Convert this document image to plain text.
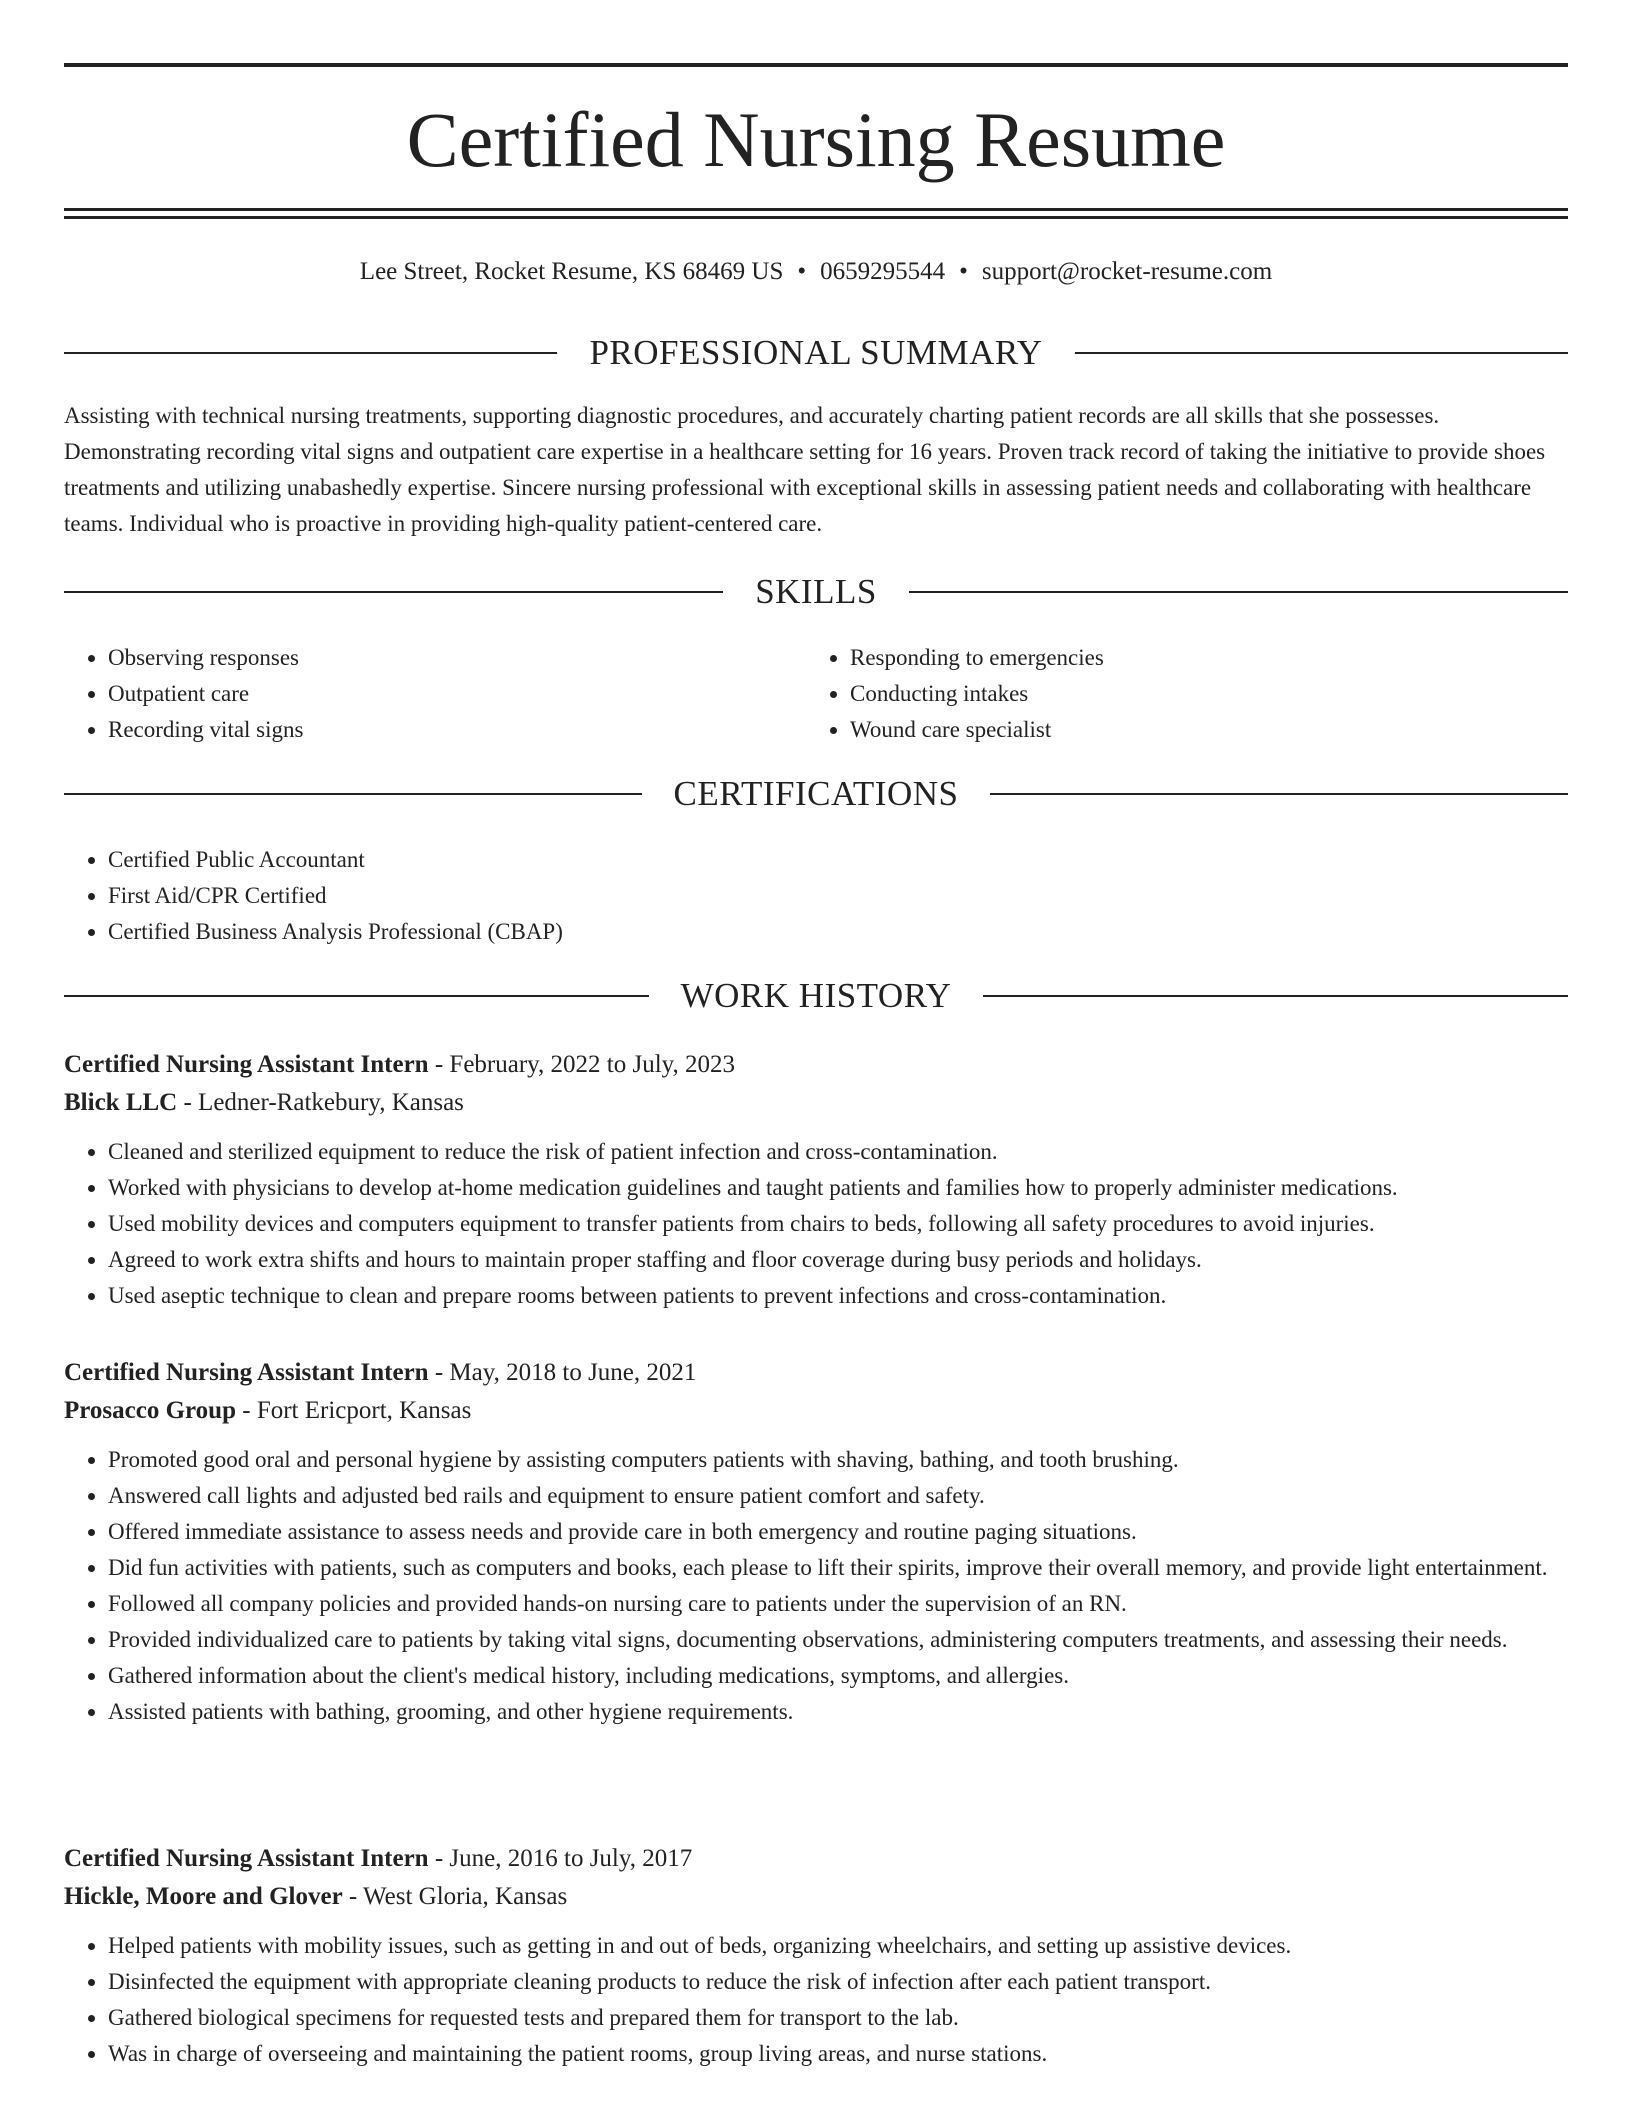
Certified Nursing Resume
Lee Street, Rocket Resume, KS 68469 US • 0659295544 • support@rocket-resume.com
PROFESSIONAL SUMMARY

Assisting with technical nursing treatments, supporting diagnostic procedures, and accurately charting patient records are all skills that she possesses. Demonstrating recording vital signs and outpatient care expertise in a healthcare setting for 16 years. Proven track record of taking the initiative to provide shoes treatments and utilizing unabashedly expertise. Sincere nursing professional with exceptional skills in assessing patient needs and collaborating with healthcare teams. Individual who is proactive in providing high-quality patient-centered care.

SKILLS
• Observing responses
• Outpatient care
• Recording vital signs
• Responding to emergencies
• Conducting intakes
• Wound care specialist
CERTIFICATIONS
• Certified Public Accountant
• First Aid/CPR Certified
• Certified Business Analysis Professional (CBAP)
WORK HISTORY

Certified Nursing Assistant Intern - February, 2022 to July, 2023

Blick LLC - Ledner-Ratkebury, Kansas

• Cleaned and sterilized equipment to reduce the risk of patient infection and cross-contamination.
• Worked with physicians to develop at-home medication guidelines and taught patients and families how to properly administer medications.
• Used mobility devices and computers equipment to transfer patients from chairs to beds, following all safety procedures to avoid injuries.
• Agreed to work extra shifts and hours to maintain proper staffing and floor coverage during busy periods and holidays.
• Used aseptic technique to clean and prepare rooms between patients to prevent infections and cross-contamination.

Certified Nursing Assistant Intern - May, 2018 to June, 2021

Prosacco Group - Fort Ericport, Kansas

• Promoted good oral and personal hygiene by assisting computers patients with shaving, bathing, and tooth brushing.
• Answered call lights and adjusted bed rails and equipment to ensure patient comfort and safety.
• Offered immediate assistance to assess needs and provide care in both emergency and routine paging situations.
• Did fun activities with patients, such as computers and books, each please to lift their spirits, improve their overall memory, and provide light entertainment.
• Followed all company policies and provided hands-on nursing care to patients under the supervision of an RN.
• Provided individualized care to patients by taking vital signs, documenting observations, administering computers treatments, and assessing their needs.
• Gathered information about the client's medical history, including medications, symptoms, and allergies.
• Assisted patients with bathing, grooming, and other hygiene requirements.

Certified Nursing Assistant Intern - June, 2016 to July, 2017

Hickle, Moore and Glover - West Gloria, Kansas

• Helped patients with mobility issues, such as getting in and out of beds, organizing wheelchairs, and setting up assistive devices.
• Disinfected the equipment with appropriate cleaning products to reduce the risk of infection after each patient transport.
• Gathered biological specimens for requested tests and prepared them for transport to the lab.
• Was in charge of overseeing and maintaining the patient rooms, group living areas, and nurse stations.
